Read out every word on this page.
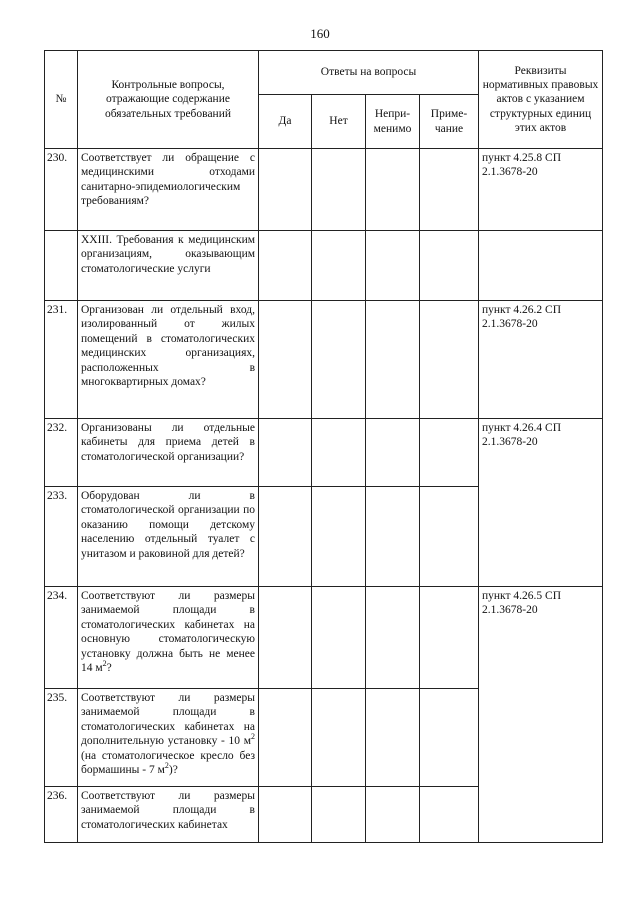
160
№	Контрольные вопросы, отражающие содержание обязательных требований	Ответы на вопросы				Реквизиты нормативных правовых актов с указанием структурных единиц этих актов
		Да	Нет	Непри-менимо	Приме-чание	
230.	Соответствует ли обращение с медицинскими отходами санитарно-эпидемиологическим требованиям?					пункт 4.25.8 СП
2.1.3678-20

	XXIII. Требования к медицинским организациям, оказывающим стоматологические услуги					
231.	Организован ли отдельный вход, изолированный от жилых помещений в стоматологических медицинских организациях, расположенных в многоквартирных домах?					пункт 4.26.2 СП
2.1.3678-20

232.	Организованы ли отдельные кабинеты для приема детей в стоматологической организации?					пункт 4.26.4 СП
2.1.3678-20

233.	Оборудован ли в стоматологической организации по оказанию помощи детскому населению отдельный туалет с унитазом и раковиной для детей?					
234.	Соответствуют ли размеры занимаемой площади в стоматологических кабинетах на основную стоматологическую установку должна быть не менее 14 $м^2$?					пункт 4.26.5 СП
2.1.3678-20

235.	Соответствуют ли размеры занимаемой площади в стоматологических кабинетах на дополнительную установку - 10 $м^2$ (на стоматологическое кресло без бормашины - 7 $м^2$)?					
236.	Соответствуют ли размеры занимаемой площади в стоматологических кабинетах					
